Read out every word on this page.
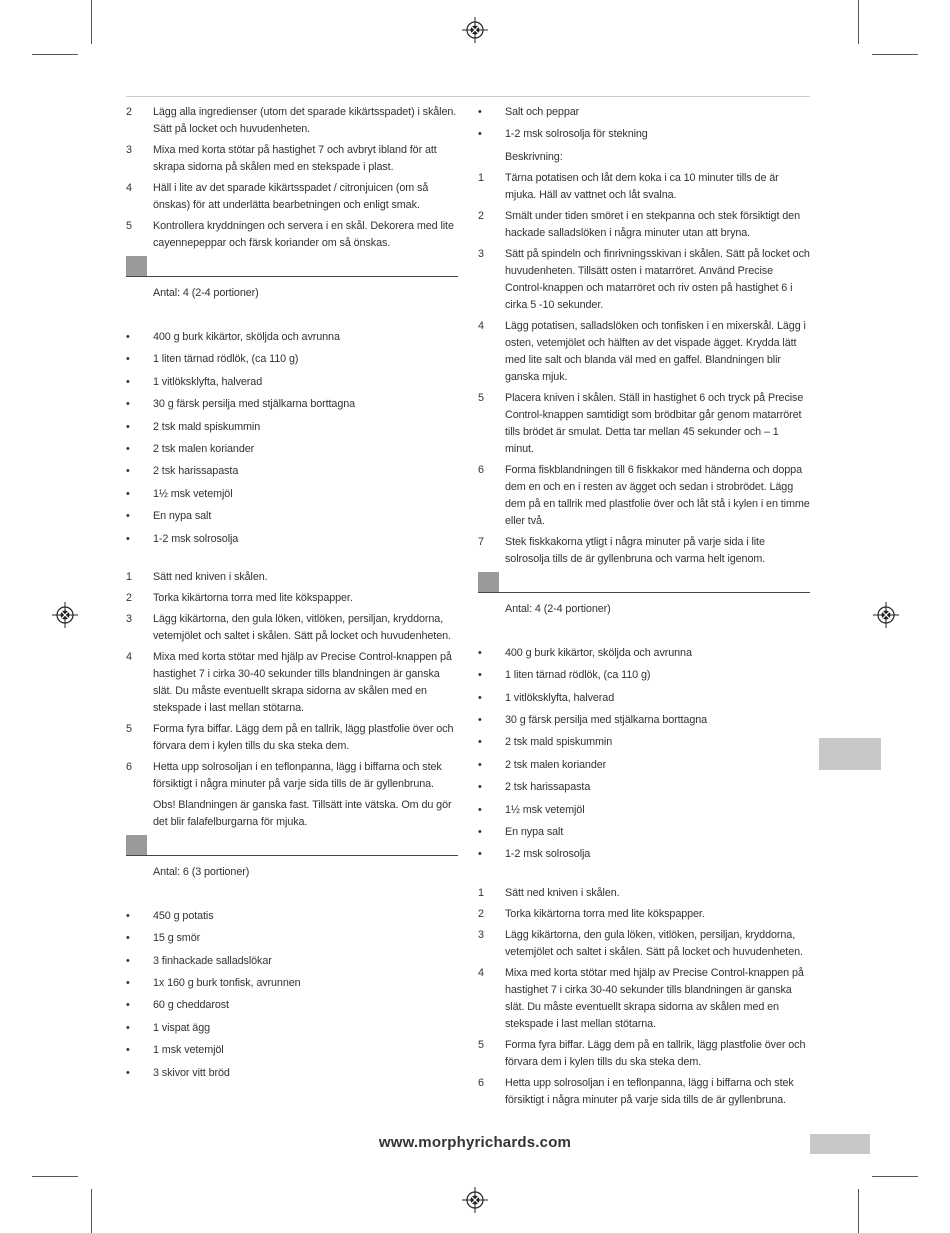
2 Lägg alla ingredienser (utom det sparade kikärtsspadet) i skålen. Sätt på locket och huvudenheten.
3 Mixa med korta stötar på hastighet 7 och avbryt ibland för att skrapa sidorna på skålen med en stekspade i plast.
4 Häll i lite av det sparade kikärtsspadet / citronjuicen (om så önskas) för att underlätta bearbetningen och enligt smak.
5 Kontrollera kryddningen och servera i en skål. Dekorera med lite cayennepeppar och färsk koriander om så önskas.
Antal: 4 (2-4 portioner)
• 400 g burk kikärtor, sköljda och avrunna
• 1 liten tärnad rödlök, (ca 110 g)
• 1 vitlöksklyfta, halverad
• 30 g färsk persilja med stjälkarna borttagna
• 2 tsk mald spiskummin
• 2 tsk malen koriander
• 2 tsk harissapasta
• 1½ msk vetemjöl
• En nypa salt
• 1-2 msk solrosolja
1 Sätt ned kniven i skålen.
2 Torka kikärtorna torra med lite kökspapper.
3 Lägg kikärtorna, den gula löken, vitlöken, persiljan, kryddorna, vetemjölet och saltet i skålen. Sätt på locket och huvudenheten.
4 Mixa med korta stötar med hjälp av Precise Control-knappen på hastighet 7 i cirka 30-40 sekunder tills blandningen är ganska slät. Du måste eventuellt skrapa sidorna av skålen med en stekspade i last mellan stötarna.
5 Forma fyra biffar. Lägg dem på en tallrik, lägg plastfolie över och förvara dem i kylen tills du ska steka dem.
6 Hetta upp solrosoljan i en teflonpanna, lägg i biffarna och stek försiktigt i några minuter på varje sida tills de är gyllenbruna.
Obs! Blandningen är ganska fast. Tillsätt inte vätska. Om du gör det blir falafelburgarna för mjuka.
Antal: 6 (3 portioner)
• 450 g potatis
• 15 g smör
• 3 finhackade salladslökar
• 1x 160 g burk tonfisk, avrunnen
• 60 g cheddarost
• 1 vispat ägg
• 1 msk vetemjöl
• 3 skivor vitt bröd
• Salt och peppar
• 1-2 msk solrosolja för stekning
Beskrivning:
1 Tärna potatisen och låt dem koka i ca 10 minuter tills de är mjuka. Häll av vattnet och låt svalna.
2 Smält under tiden smöret i en stekpanna och stek försiktigt den hackade salladslöken i några minuter utan att bryna.
3 Sätt på spindeln och finrivningsskivan i skålen. Sätt på locket och huvudenheten. Tillsätt osten i matarröret. Använd Precise Control-knappen och matarröret och riv osten på hastighet 6 i cirka 5 -10 sekunder.
4 Lägg potatisen, salladslöken och tonfisken i en mixerskål. Lägg i osten, vetemjölet och hälften av det vispade ägget. Krydda lätt med lite salt och blanda väl med en gaffel. Blandningen blir ganska mjuk.
5 Placera kniven i skålen. Ställ in hastighet 6 och tryck på Precise Control-knappen samtidigt som brödbitar går genom matarröret tills brödet är smulat. Detta tar mellan 45 sekunder och – 1 minut.
6 Forma fiskblandningen till 6 fiskkakor med händerna och doppa dem en och en i resten av ägget och sedan i strobrödet. Lägg dem på en tallrik med plastfolie över och låt stå i kylen i en timme eller två.
7 Stek fiskkakorna ytligt i några minuter på varje sida i lite solrosolja tills de är gyllenbruna och varma helt igenom.
Antal: 4 (2-4 portioner)
• 400 g burk kikärtor, sköljda och avrunna
• 1 liten tärnad rödlök, (ca 110 g)
• 1 vitlöksklyfta, halverad
• 30 g färsk persilja med stjälkarna borttagna
• 2 tsk mald spiskummin
• 2 tsk malen koriander
• 2 tsk harissapasta
• 1½ msk vetemjöl
• En nypa salt
• 1-2 msk solrosolja
1 Sätt ned kniven i skålen.
2 Torka kikärtorna torra med lite kökspapper.
3 Lägg kikärtorna, den gula löken, vitlöken, persiljan, kryddorna, vetemjölet och saltet i skålen. Sätt på locket och huvudenheten.
4 Mixa med korta stötar med hjälp av Precise Control-knappen på hastighet 7 i cirka 30-40 sekunder tills blandningen är ganska slät. Du måste eventuellt skrapa sidorna av skålen med en stekspade i last mellan stötarna.
5 Forma fyra biffar. Lägg dem på en tallrik, lägg plastfolie över och förvara dem i kylen tills du ska steka dem.
6 Hetta upp solrosoljan i en teflonpanna, lägg i biffarna och stek försiktigt i några minuter på varje sida tills de är gyllenbruna.
www.morphyrichards.com
